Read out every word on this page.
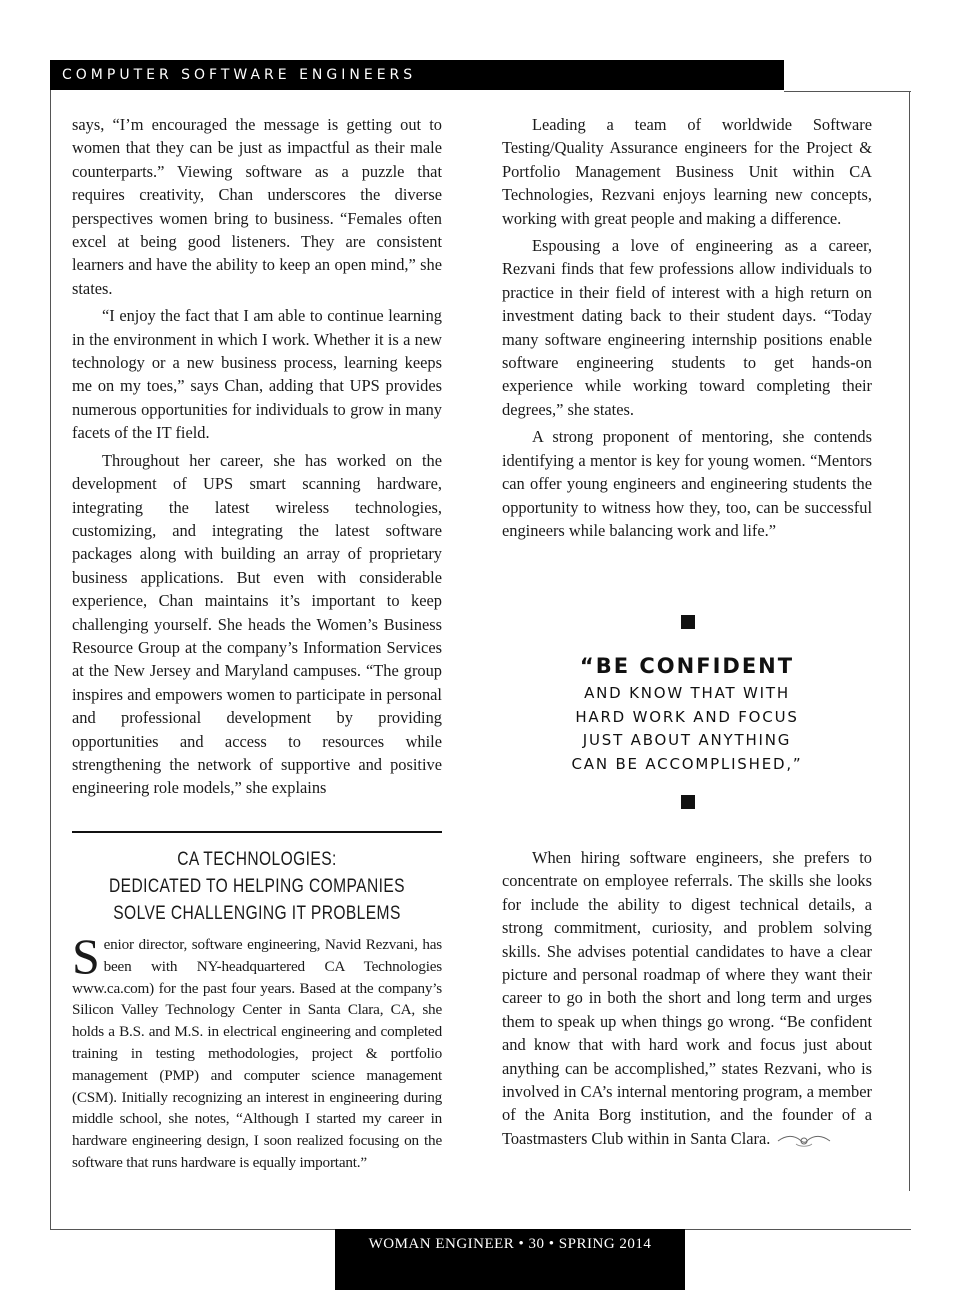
COMPUTER SOFTWARE ENGINEERS

says, “I’m encouraged the message is getting out to women that they can be just as impactful as their male counterparts.” Viewing software as a puzzle that requires creativity, Chan underscores the diverse perspectives women bring to business. “Females often excel at being good listeners. They are consistent learners and have the ability to keep an open mind,” she states.

“I enjoy the fact that I am able to continue learning in the environment in which I work. Whether it is a new technology or a new business process, learning keeps me on my toes,” says Chan, adding that UPS provides numerous opportunities for individuals to grow in many facets of the IT field.

Throughout her career, she has worked on the development of UPS smart scanning hardware, integrating the latest wireless technologies, customizing, and integrating the latest software packages along with building an array of proprietary business applications. But even with considerable experience, Chan maintains it’s important to keep challenging yourself. She heads the Women’s Business Resource Group at the company’s Information Services at the New Jersey and Maryland campuses. “The group inspires and empowers women to participate in personal and professional development by providing opportunities and access to resources while strengthening the network of supportive and positive engineering role models,” she explains

CA TECHNOLOGIES:
DEDICATED TO HELPING COMPANIES
SOLVE CHALLENGING IT PROBLEMS
S enior director, software engineering, Navid Rezvani, has been with NY-headquartered CA Technologies www.ca.com) for the past four years. Based at the company’s Silicon Valley Technology Center in Santa Clara, CA, she holds a B.S. and M.S. in electrical engineering and completed training in testing methodologies, project & portfolio management (PMP) and computer science management (CSM). Initially recognizing an interest in engineering during middle school, she notes, “Although I started my career in hardware engineering design, I soon realized focusing on the software that runs hardware is equally important.”

Leading a team of worldwide Software Testing/Quality Assurance engineers for the Project & Portfolio Management Business Unit within CA Technologies, Rezvani enjoys learning new concepts, working with great people and making a difference.

Espousing a love of engineering as a career, Rezvani finds that few professions allow individuals to practice in their field of interest with a high return on investment dating back to their student days. “Today many software engineering internship positions enable software engineering students to get hands-on experience while working toward completing their degrees,” she states.

A strong proponent of mentoring, she contends identifying a mentor is key for young women. “Mentors can offer young engineers and engineering students the opportunity to witness how they, too, can be successful engineers while balancing work and life.”

“BE CONFIDENT
AND KNOW THAT WITH
HARD WORK AND FOCUS
JUST ABOUT ANYTHING
CAN BE ACCOMPLISHED,”

When hiring software engineers, she prefers to concentrate on employee referrals. The skills she looks for include the ability to digest technical details, a strong commitment, curiosity, and problem solving skills. She advises potential candidates to have a clear picture and personal roadmap of where they want their career to go in both the short and long term and urges them to speak up when things go wrong. “Be confident and know that with hard work and focus just about anything can be accomplished,” states Rezvani, who is involved in CA’s internal mentoring program, a member of the Anita Borg institution, and the founder of a Toastmasters Club within in Santa Clara.

WOMAN ENGINEER • 30 • SPRING 2014
